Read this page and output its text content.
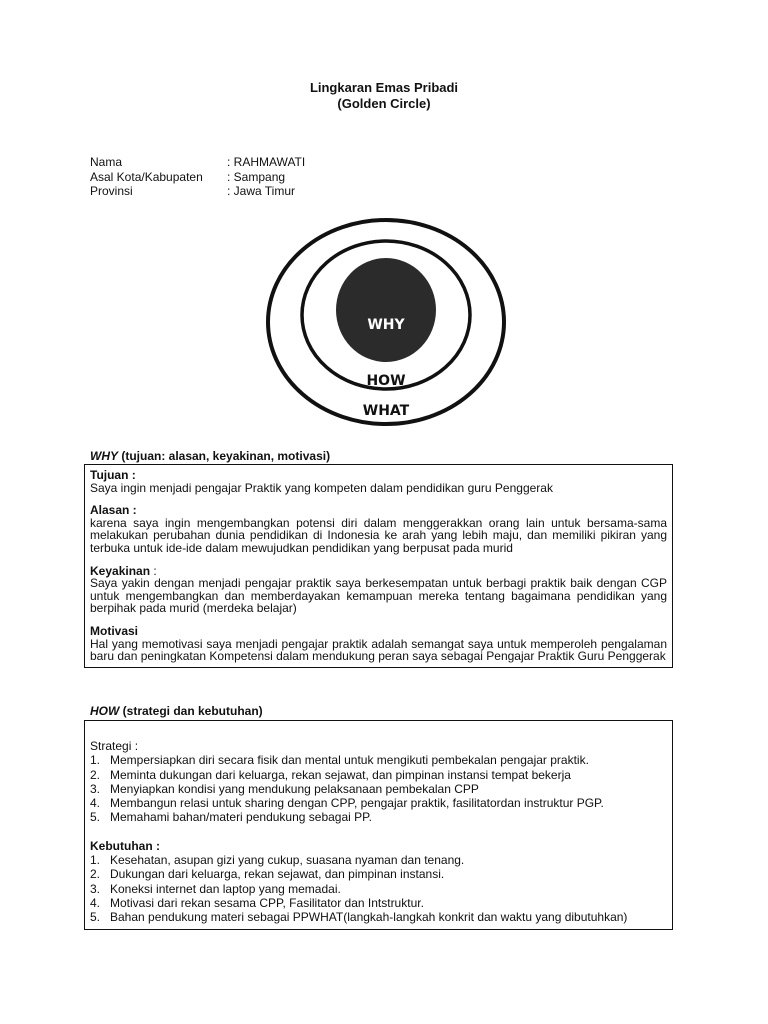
Lingkaran Emas Pribadi
(Golden Circle)
Nama	: RAHMAWATI
Asal Kota/Kabupaten	: Sampang
Provinsi	: Jawa Timur
WHY
HOW
WHAT
WHY (tujuan: alasan, keyakinan, motivasi)
Tujuan :
Saya ingin menjadi pengajar Praktik yang kompeten dalam pendidikan guru Penggerak
Alasan :
karena saya ingin mengembangkan potensi diri dalam menggerakkan orang lain untuk bersama-sama melakukan perubahan dunia pendidikan di Indonesia ke arah yang lebih maju, dan memiliki pikiran yang terbuka untuk ide-ide dalam mewujudkan pendidikan yang berpusat pada murid
Keyakinan :
Saya yakin dengan menjadi pengajar praktik saya berkesempatan untuk berbagi praktik baik dengan CGP untuk mengembangkan dan memberdayakan kemampuan mereka tentang bagaimana pendidikan yang berpihak pada murid (merdeka belajar)
Motivasi
Hal yang memotivasi saya menjadi pengajar praktik adalah semangat saya untuk memperoleh pengalaman baru dan peningkatan Kompetensi dalam mendukung peran saya sebagai Pengajar Praktik Guru Penggerak
HOW (strategi dan kebutuhan)
Strategi :
1. Mempersiapkan diri secara fisik dan mental untuk mengikuti pembekalan pengajar praktik.
2. Meminta dukungan dari keluarga, rekan sejawat, dan pimpinan instansi tempat bekerja
3. Menyiapkan kondisi yang mendukung pelaksanaan pembekalan CPP
4. Membangun relasi untuk sharing dengan CPP, pengajar praktik, fasilitatordan instruktur PGP.
5. Memahami bahan/materi pendukung sebagai PP.
Kebutuhan :
1. Kesehatan, asupan gizi yang cukup, suasana nyaman dan tenang.
2. Dukungan dari keluarga, rekan sejawat, dan pimpinan instansi.
3. Koneksi internet dan laptop yang memadai.
4. Motivasi dari rekan sesama CPP, Fasilitator dan Intstruktur.
5. Bahan pendukung materi sebagai PPWHAT(langkah-langkah konkrit dan waktu yang dibutuhkan)
